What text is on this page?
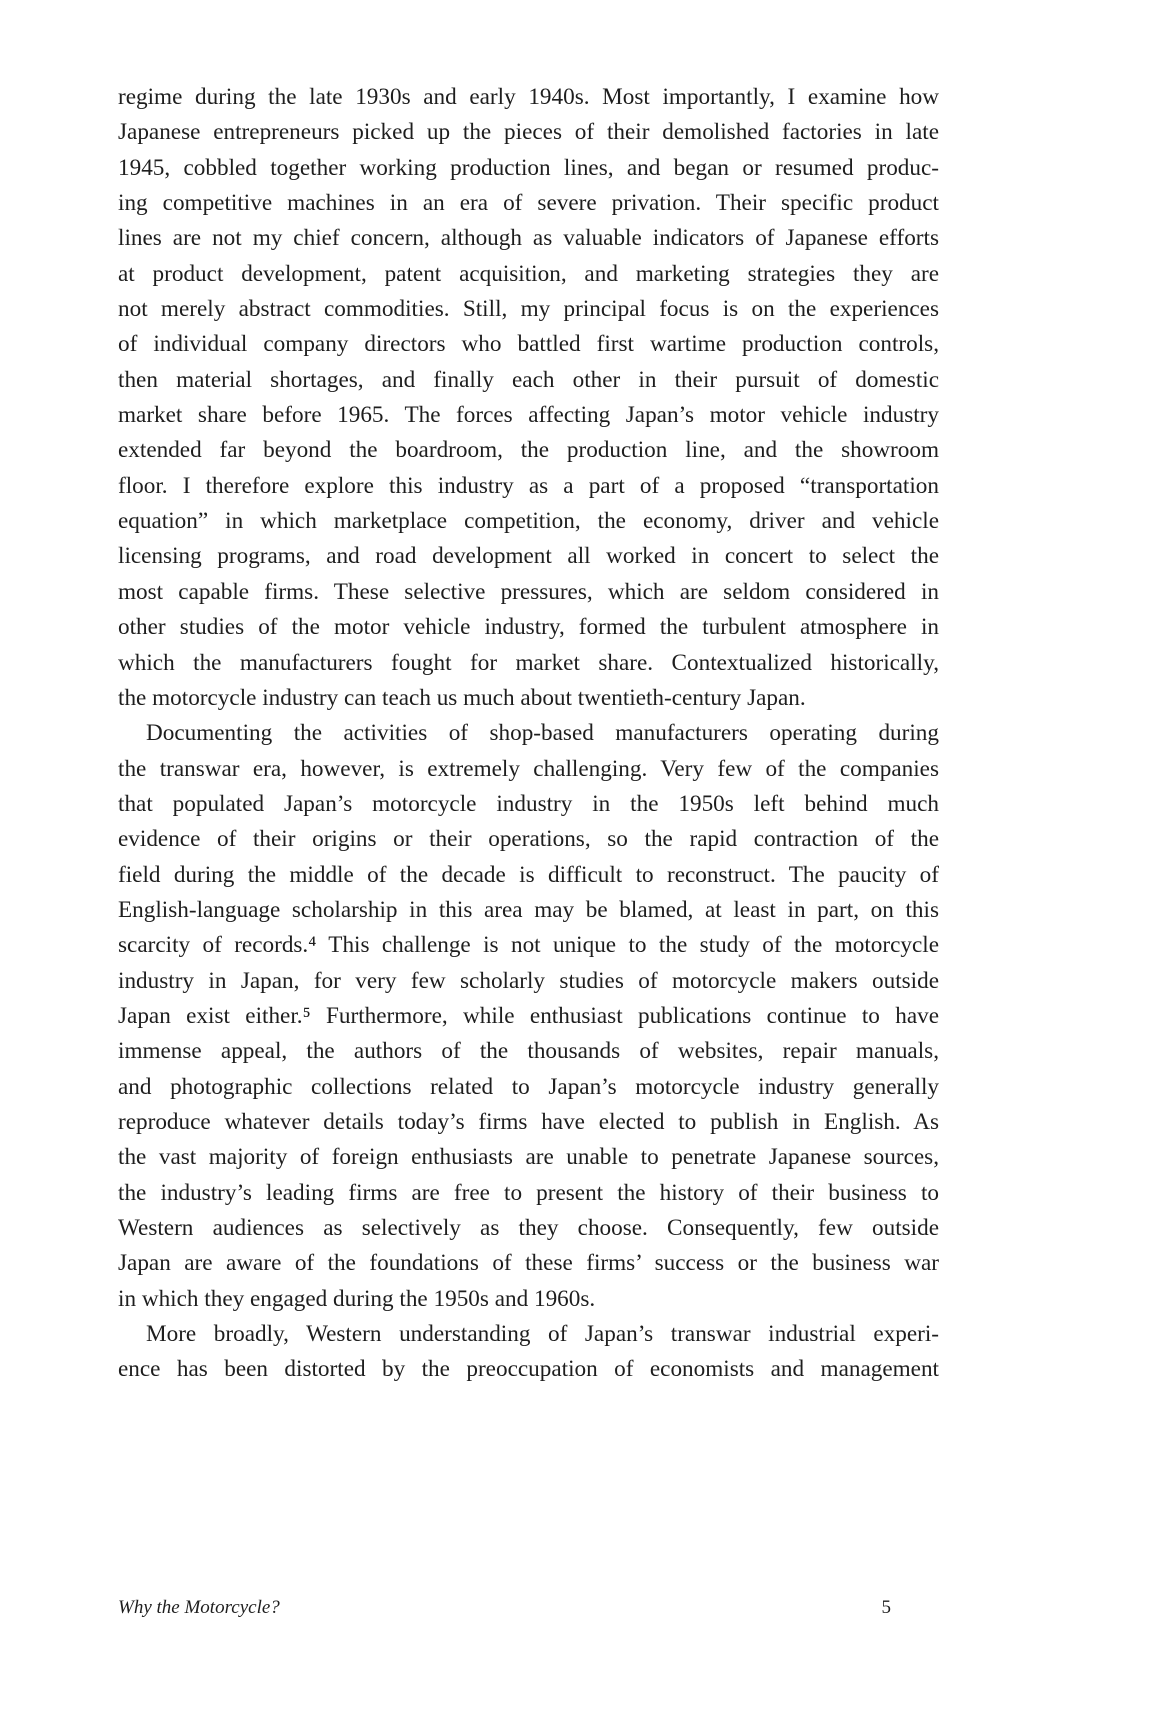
regime during the late 1930s and early 1940s. Most importantly, I examine how
Japanese entrepreneurs picked up the pieces of their demolished factories in late
1945, cobbled together working production lines, and began or resumed produc-
ing competitive machines in an era of severe privation. Their specific product
lines are not my chief concern, although as valuable indicators of Japanese efforts
at product development, patent acquisition, and marketing strategies they are
not merely abstract commodities. Still, my principal focus is on the experiences
of individual company directors who battled first wartime production controls,
then material shortages, and finally each other in their pursuit of domestic
market share before 1965. The forces affecting Japan’s motor vehicle industry
extended far beyond the boardroom, the production line, and the showroom
floor. I therefore explore this industry as a part of a proposed “transportation
equation” in which marketplace competition, the economy, driver and vehicle
licensing programs, and road development all worked in concert to select the
most capable firms. These selective pressures, which are seldom considered in
other studies of the motor vehicle industry, formed the turbulent atmosphere in
which the manufacturers fought for market share. Contextualized historically,
the motorcycle industry can teach us much about twentieth-century Japan.
Documenting the activities of shop-based manufacturers operating during
the transwar era, however, is extremely challenging. Very few of the companies
that populated Japan’s motorcycle industry in the 1950s left behind much
evidence of their origins or their operations, so the rapid contraction of the
field during the middle of the decade is difficult to reconstruct. The paucity of
English-language scholarship in this area may be blamed, at least in part, on this
scarcity of records.⁴ This challenge is not unique to the study of the motorcycle
industry in Japan, for very few scholarly studies of motorcycle makers outside
Japan exist either.⁵ Furthermore, while enthusiast publications continue to have
immense appeal, the authors of the thousands of websites, repair manuals,
and photographic collections related to Japan’s motorcycle industry generally
reproduce whatever details today’s firms have elected to publish in English. As
the vast majority of foreign enthusiasts are unable to penetrate Japanese sources,
the industry’s leading firms are free to present the history of their business to
Western audiences as selectively as they choose. Consequently, few outside
Japan are aware of the foundations of these firms’ success or the business war
in which they engaged during the 1950s and 1960s.
More broadly, Western understanding of Japan’s transwar industrial experi-
ence has been distorted by the preoccupation of economists and management
Why the Motorcycle?	5
